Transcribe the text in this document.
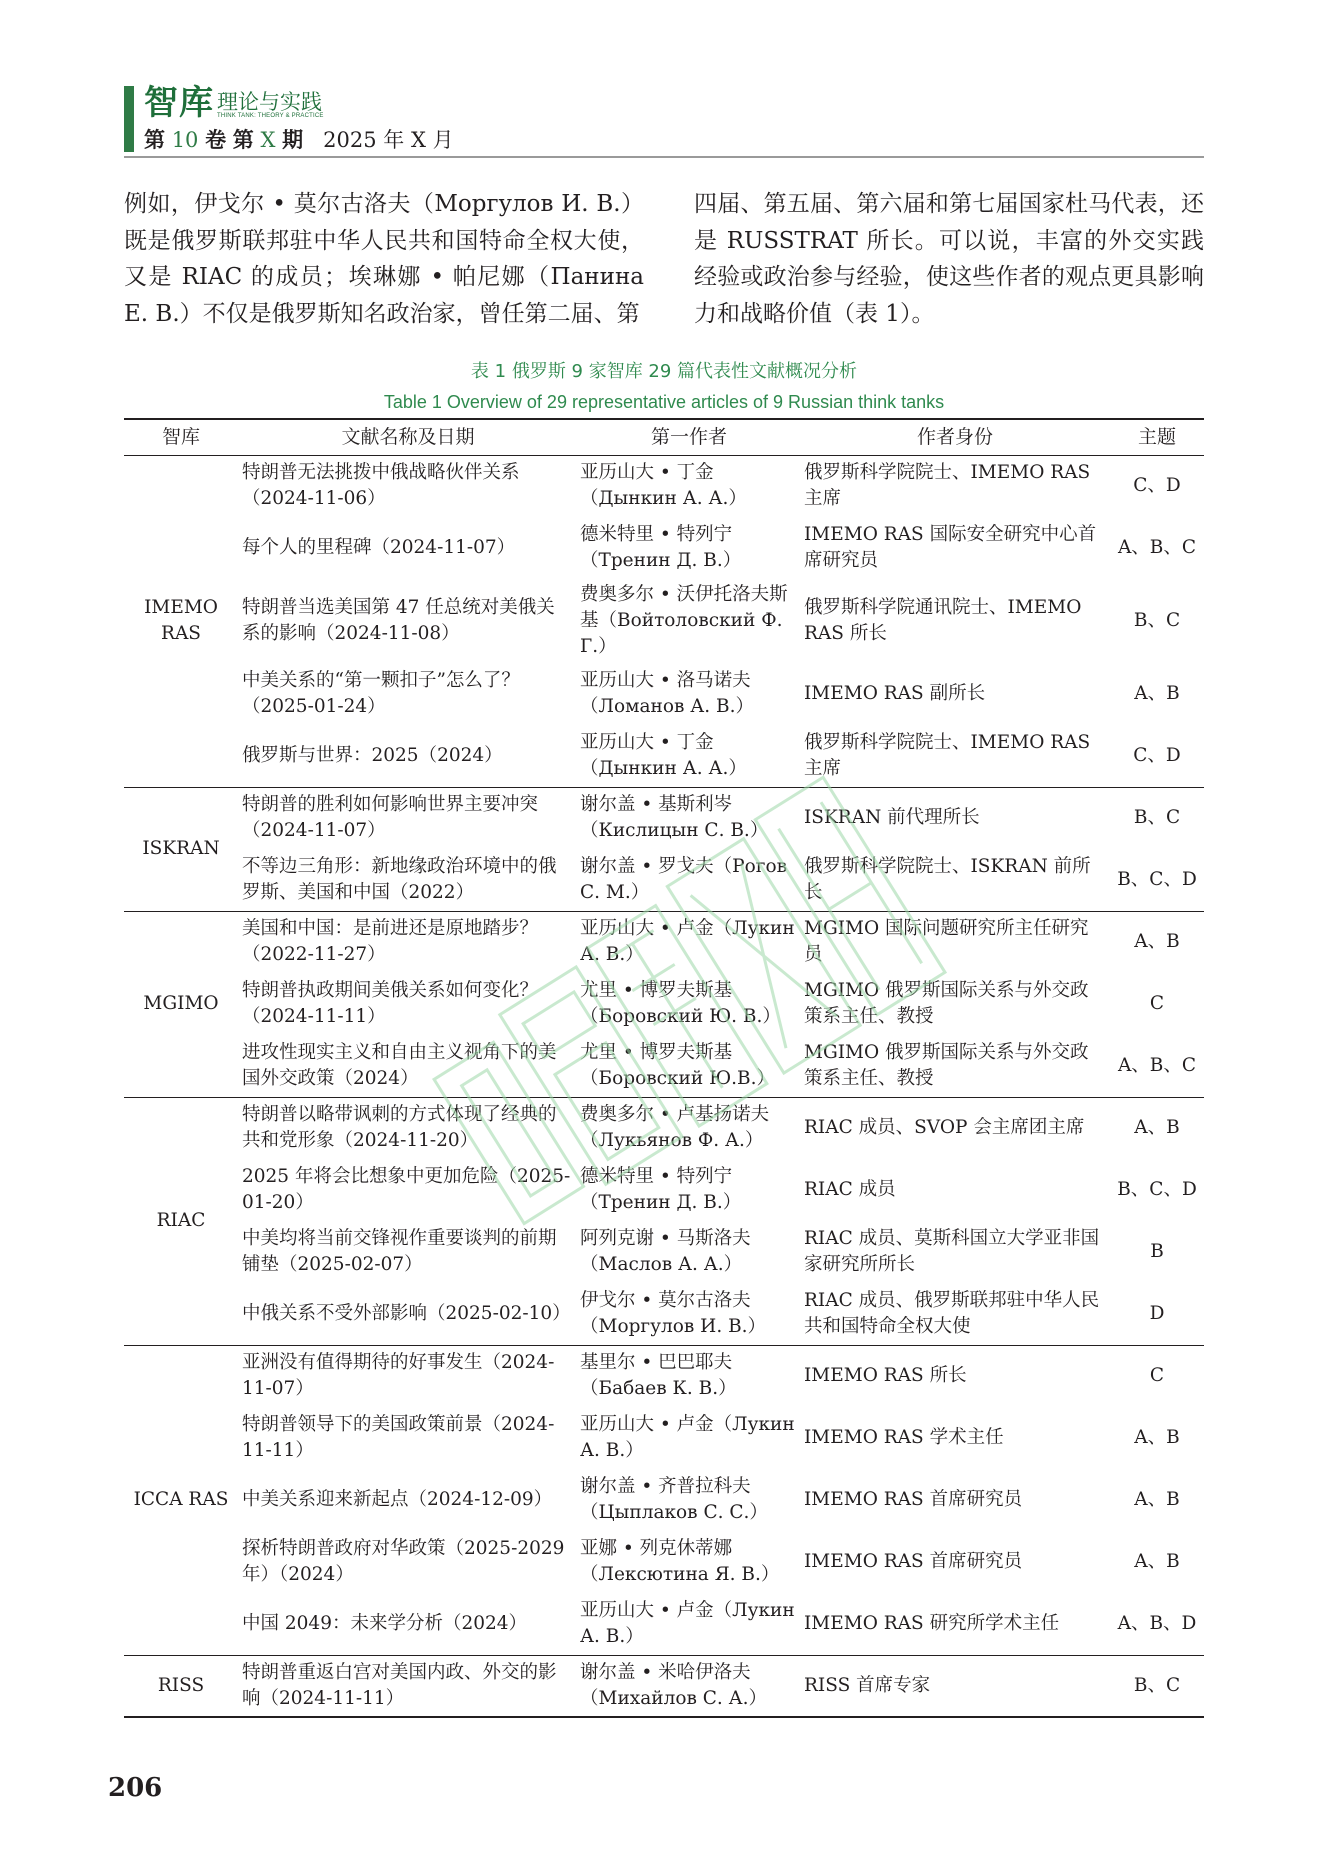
智库 理论与实践
THINK TANK: THEORY & PRACTICE
第 10 卷 第 X 期 2025 年 X 月

例如，伊戈尔 • 莫尔古洛夫（Моргулов И. В.）既是俄罗斯联邦驻中华人民共和国特命全权大使，又是 RIAC 的成员；埃琳娜 • 帕尼娜（Панина Е. В.）不仅是俄罗斯知名政治家，曾任第二届、第

四届、第五届、第六届和第七届国家杜马代表，还是 RUSSTRAT 所长。可以说，丰富的外交实践经验或政治参与经验，使这些作者的观点更具影响力和战略价值（表 1）。

表 1 俄罗斯 9 家智库 29 篇代表性文献概况分析
Table 1 Overview of 29 representative articles of 9 Russian think tanks
智库	文献名称及日期	第一作者	作者身份	主题
IMEMO RAS	特朗普无法挑拨中俄战略伙伴关系（2024-11-06）	亚历山大 • 丁金（Дынкин А. А.）	俄罗斯科学院院士、IMEMO RAS 主席	C、D
	每个人的里程碑（2024-11-07）	德米特里 • 特列宁（Тренин Д. В.）	IMEMO RAS 国际安全研究中心首席研究员	A、B、C
	特朗普当选美国第 47 任总统对美俄关系的影响（2024-11-08）	费奥多尔 • 沃伊托洛夫斯基（Войтоловский Ф. Г.）	俄罗斯科学院通讯院士、IMEMO RAS 所长	B、C
	中美关系的“第一颗扣子”怎么了？（2025-01-24）	亚历山大 • 洛马诺夫（Ломанов А. В.）	IMEMO RAS 副所长	A、B
	俄罗斯与世界：2025（2024）	亚历山大 • 丁金（Дынкин А. А.）	俄罗斯科学院院士、IMEMO RAS 主席	C、D
ISKRAN	特朗普的胜利如何影响世界主要冲突（2024-11-07）	谢尔盖 • 基斯利岑（Кислицын С. В.）	ISKRAN 前代理所长	B、C
	不等边三角形：新地缘政治环境中的俄罗斯、美国和中国（2022）	谢尔盖 • 罗戈夫（Рогов С. М.）	俄罗斯科学院院士、ISKRAN 前所长	B、C、D
MGIMO	美国和中国：是前进还是原地踏步？（2022-11-27）	亚历山大 • 卢金（Лукин А. В.）	MGIMO 国际问题研究所主任研究员	A、B
	特朗普执政期间美俄关系如何变化？（2024-11-11）	尤里 • 博罗夫斯基（Боровский Ю. В.）	MGIMO 俄罗斯国际关系与外交政策系主任、教授	C
	进攻性现实主义和自由主义视角下的美国外交政策（2024）	尤里 • 博罗夫斯基（Боровский Ю.В.）	MGIMO 俄罗斯国际关系与外交政策系主任、教授	A、B、C
RIAC	特朗普以略带讽刺的方式体现了经典的共和党形象（2024-11-20）	费奥多尔 • 卢基扬诺夫（Лукьянов Ф. А.）	RIAC 成员、SVOP 会主席团主席	A、B
	2025 年将会比想象中更加危险（2025-01-20）	德米特里 • 特列宁（Тренин Д. В.）	RIAC 成员	B、C、D
	中美均将当前交锋视作重要谈判的前期铺垫（2025-02-07）	阿列克谢 • 马斯洛夫（Маслов А. А.）	RIAC 成员、莫斯科国立大学亚非国家研究所所长	B
	中俄关系不受外部影响（2025-02-10）	伊戈尔 • 莫尔古洛夫（Моргулов И. В.）	RIAC 成员、俄罗斯联邦驻中华人民共和国特命全权大使	D
ICCA RAS	亚洲没有值得期待的好事发生（2024-11-07）	基里尔 • 巴巴耶夫（Бабаев К. В.）	IMEMO RAS 所长	C
	特朗普领导下的美国政策前景（2024-11-11）	亚历山大 • 卢金（Лукин А. В.）	IMEMO RAS 学术主任	A、B
	中美关系迎来新起点（2024-12-09）	谢尔盖 • 齐普拉科夫（Цыплаков С. С.）	IMEMO RAS 首席研究员	A、B
	探析特朗普政府对华政策（2025-2029 年）（2024）	亚娜 • 列克休蒂娜（Лексютина Я. В.）	IMEMO RAS 首席研究员	A、B
	中国 2049：未来学分析（2024）	亚历山大 • 卢金（Лукин А. В.）	IMEMO RAS 研究所学术主任	A、B、D
RISS	特朗普重返白宫对美国内政、外交的影响（2024-11-11）	谢尔盖 • 米哈伊洛夫（Михайлов С. А.）	RISS 首席专家	B、C
206
